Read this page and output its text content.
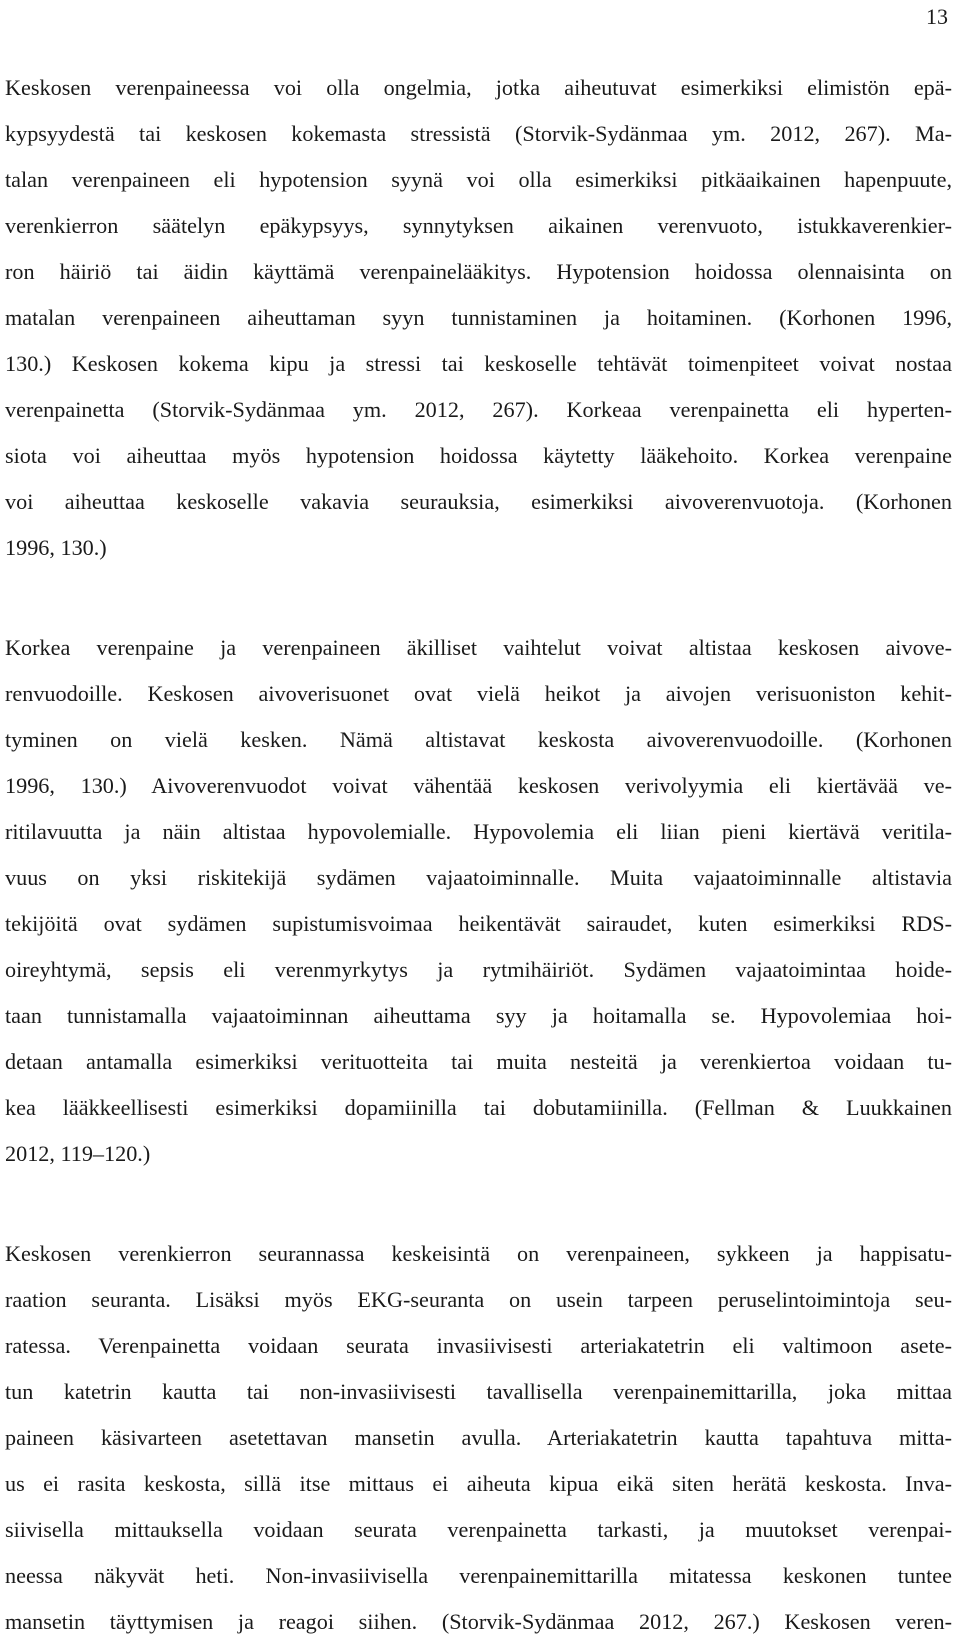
13
Keskosen verenpaineessa voi olla ongelmia, jotka aiheutuvat esimerkiksi elimistön epä-
kypsyydestä tai keskosen kokemasta stressistä (Storvik-Sydänmaa ym. 2012, 267). Ma-
talan verenpaineen eli hypotension syynä voi olla esimerkiksi pitkäaikainen hapenpuute,
verenkierron säätelyn epäkypsyys, synnytyksen aikainen verenvuoto, istukkaverenkier-
ron häiriö tai äidin käyttämä verenpainelääkitys. Hypotension hoidossa olennaisinta on
matalan verenpaineen aiheuttaman syyn tunnistaminen ja hoitaminen. (Korhonen 1996,
130.) Keskosen kokema kipu ja stressi tai keskoselle tehtävät toimenpiteet voivat nostaa
verenpainetta (Storvik-Sydänmaa ym. 2012, 267). Korkeaa verenpainetta eli hyperten-
siota voi aiheuttaa myös hypotension hoidossa käytetty lääkehoito. Korkea verenpaine
voi aiheuttaa keskoselle vakavia seurauksia, esimerkiksi aivoverenvuotoja. (Korhonen
1996, 130.)
Korkea verenpaine ja verenpaineen äkilliset vaihtelut voivat altistaa keskosen aivove-
renvuodoille. Keskosen aivoverisuonet ovat vielä heikot ja aivojen verisuoniston kehit-
tyminen on vielä kesken. Nämä altistavat keskosta aivoverenvuodoille. (Korhonen
1996, 130.) Aivoverenvuodot voivat vähentää keskosen verivolyymia eli kiertävää ve-
ritilavuutta ja näin altistaa hypovolemialle. Hypovolemia eli liian pieni kiertävä veritila-
vuus on yksi riskitekijä sydämen vajaatoiminnalle. Muita vajaatoiminnalle altistavia
tekijöitä ovat sydämen supistumisvoimaa heikentävät sairaudet, kuten esimerkiksi RDS-
oireyhtymä, sepsis eli verenmyrkytys ja rytmihäiriöt. Sydämen vajaatoimintaa hoide-
taan tunnistamalla vajaatoiminnan aiheuttama syy ja hoitamalla se. Hypovolemiaa hoi-
detaan antamalla esimerkiksi verituotteita tai muita nesteitä ja verenkiertoa voidaan tu-
kea lääkkeellisesti esimerkiksi dopamiinilla tai dobutamiinilla. (Fellman & Luukkainen
2012, 119–120.)
Keskosen verenkierron seurannassa keskeisintä on verenpaineen, sykkeen ja happisatu-
raation seuranta. Lisäksi myös EKG-seuranta on usein tarpeen peruselintoimintoja seu-
ratessa. Verenpainetta voidaan seurata invasiivisesti arteriakatetrin eli valtimoon asete-
tun katetrin kautta tai non-invasiivisesti tavallisella verenpainemittarilla, joka mittaa
paineen käsivarteen asetettavan mansetin avulla. Arteriakatetrin kautta tapahtuva mitta-
us ei rasita keskosta, sillä itse mittaus ei aiheuta kipua eikä siten herätä keskosta. Inva-
siivisella mittauksella voidaan seurata verenpainetta tarkasti, ja muutokset verenpai-
neessa näkyvät heti. Non-invasiivisella verenpainemittarilla mitatessa keskonen tuntee
mansetin täyttymisen ja reagoi siihen. (Storvik-Sydänmaa 2012, 267.) Keskosen veren-
